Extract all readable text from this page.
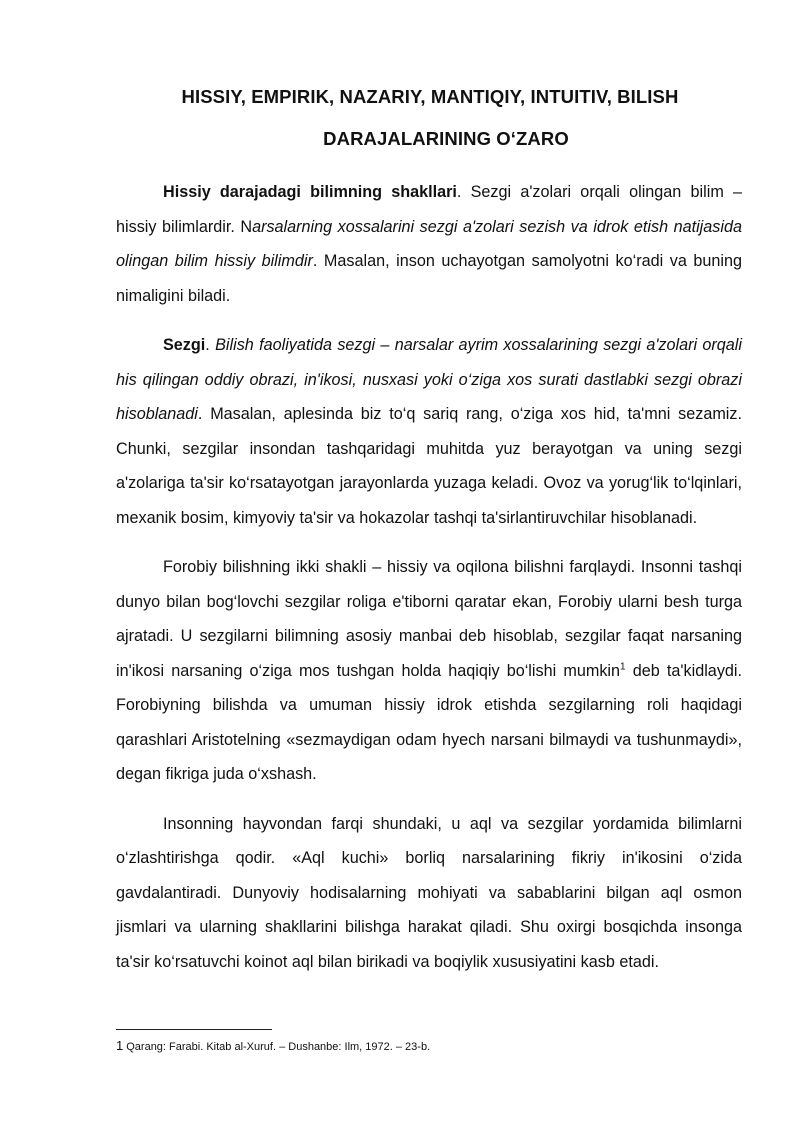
HISSIY, EMPIRIK, NAZARIY, MANTIQIY, INTUITIV, BILISH
DARAJALARINING O‘ZARO

Hissiy darajadagi bilimning shakllari. Sezgi a'zolari orqali olingan bilim – hissiy bilimlardir. Narsalarning xossalarini sezgi a'zolari sezish va idrok etish natijasida olingan bilim hissiy bilimdir. Masalan, inson uchayotgan samolyotni ko‘radi va buning nimaligini biladi.

Sezgi. Bilish faoliyatida sezgi – narsalar ayrim xossalarining sezgi a'zolari orqali his qilingan oddiy obrazi, in'ikosi, nusxasi yoki o‘ziga xos surati dastlabki sezgi obrazi hisoblanadi. Masalan, aplesinda biz to‘q sariq rang, o‘ziga xos hid, ta'mni sezamiz. Chunki, sezgilar insondan tashqaridagi muhitda yuz berayotgan va uning sezgi a'zolariga ta'sir ko‘rsatayotgan jarayonlarda yuzaga keladi. Ovoz va yorug‘lik to‘lqinlari, mexanik bosim, kimyoviy ta'sir va hokazolar tashqi ta'sirlantiruvchilar hisoblanadi.

Forobiy bilishning ikki shakli – hissiy va oqilona bilishni farqlaydi. Insonni tashqi dunyo bilan bog‘lovchi sezgilar roliga e'tiborni qaratar ekan, Forobiy ularni besh turga ajratadi. U sezgilarni bilimning asosiy manbai deb hisoblab, sezgilar faqat narsaning in'ikosi narsaning o‘ziga mos tushgan holda haqiqiy bo‘lishi mumkin$^1$ deb ta'kidlaydi. Forobiyning bilishda va umuman hissiy idrok etishda sezgilarning roli haqidagi qarashlari Aristotelning «sezmaydigan odam hyech narsani bilmaydi va tushunmaydi», degan fikriga juda o‘xshash.

Insonning hayvondan farqi shundaki, u aql va sezgilar yordamida bilimlarni o‘zlashtirishga qodir. «Aql kuchi» borliq narsalarining fikriy in'ikosini o‘zida gavdalantiradi. Dunyoviy hodisalarning mohiyati va sabablarini bilgan aql osmon jismlari va ularning shakllarini bilishga harakat qiladi. Shu oxirgi bosqichda insonga ta'sir ko‘rsatuvchi koinot aql bilan birikadi va boqiylik xususiyatini kasb etadi.

1 Qarang: Farabi. Kitab al-Xuruf. – Dushanbe: Ilm, 1972. – 23-b.
